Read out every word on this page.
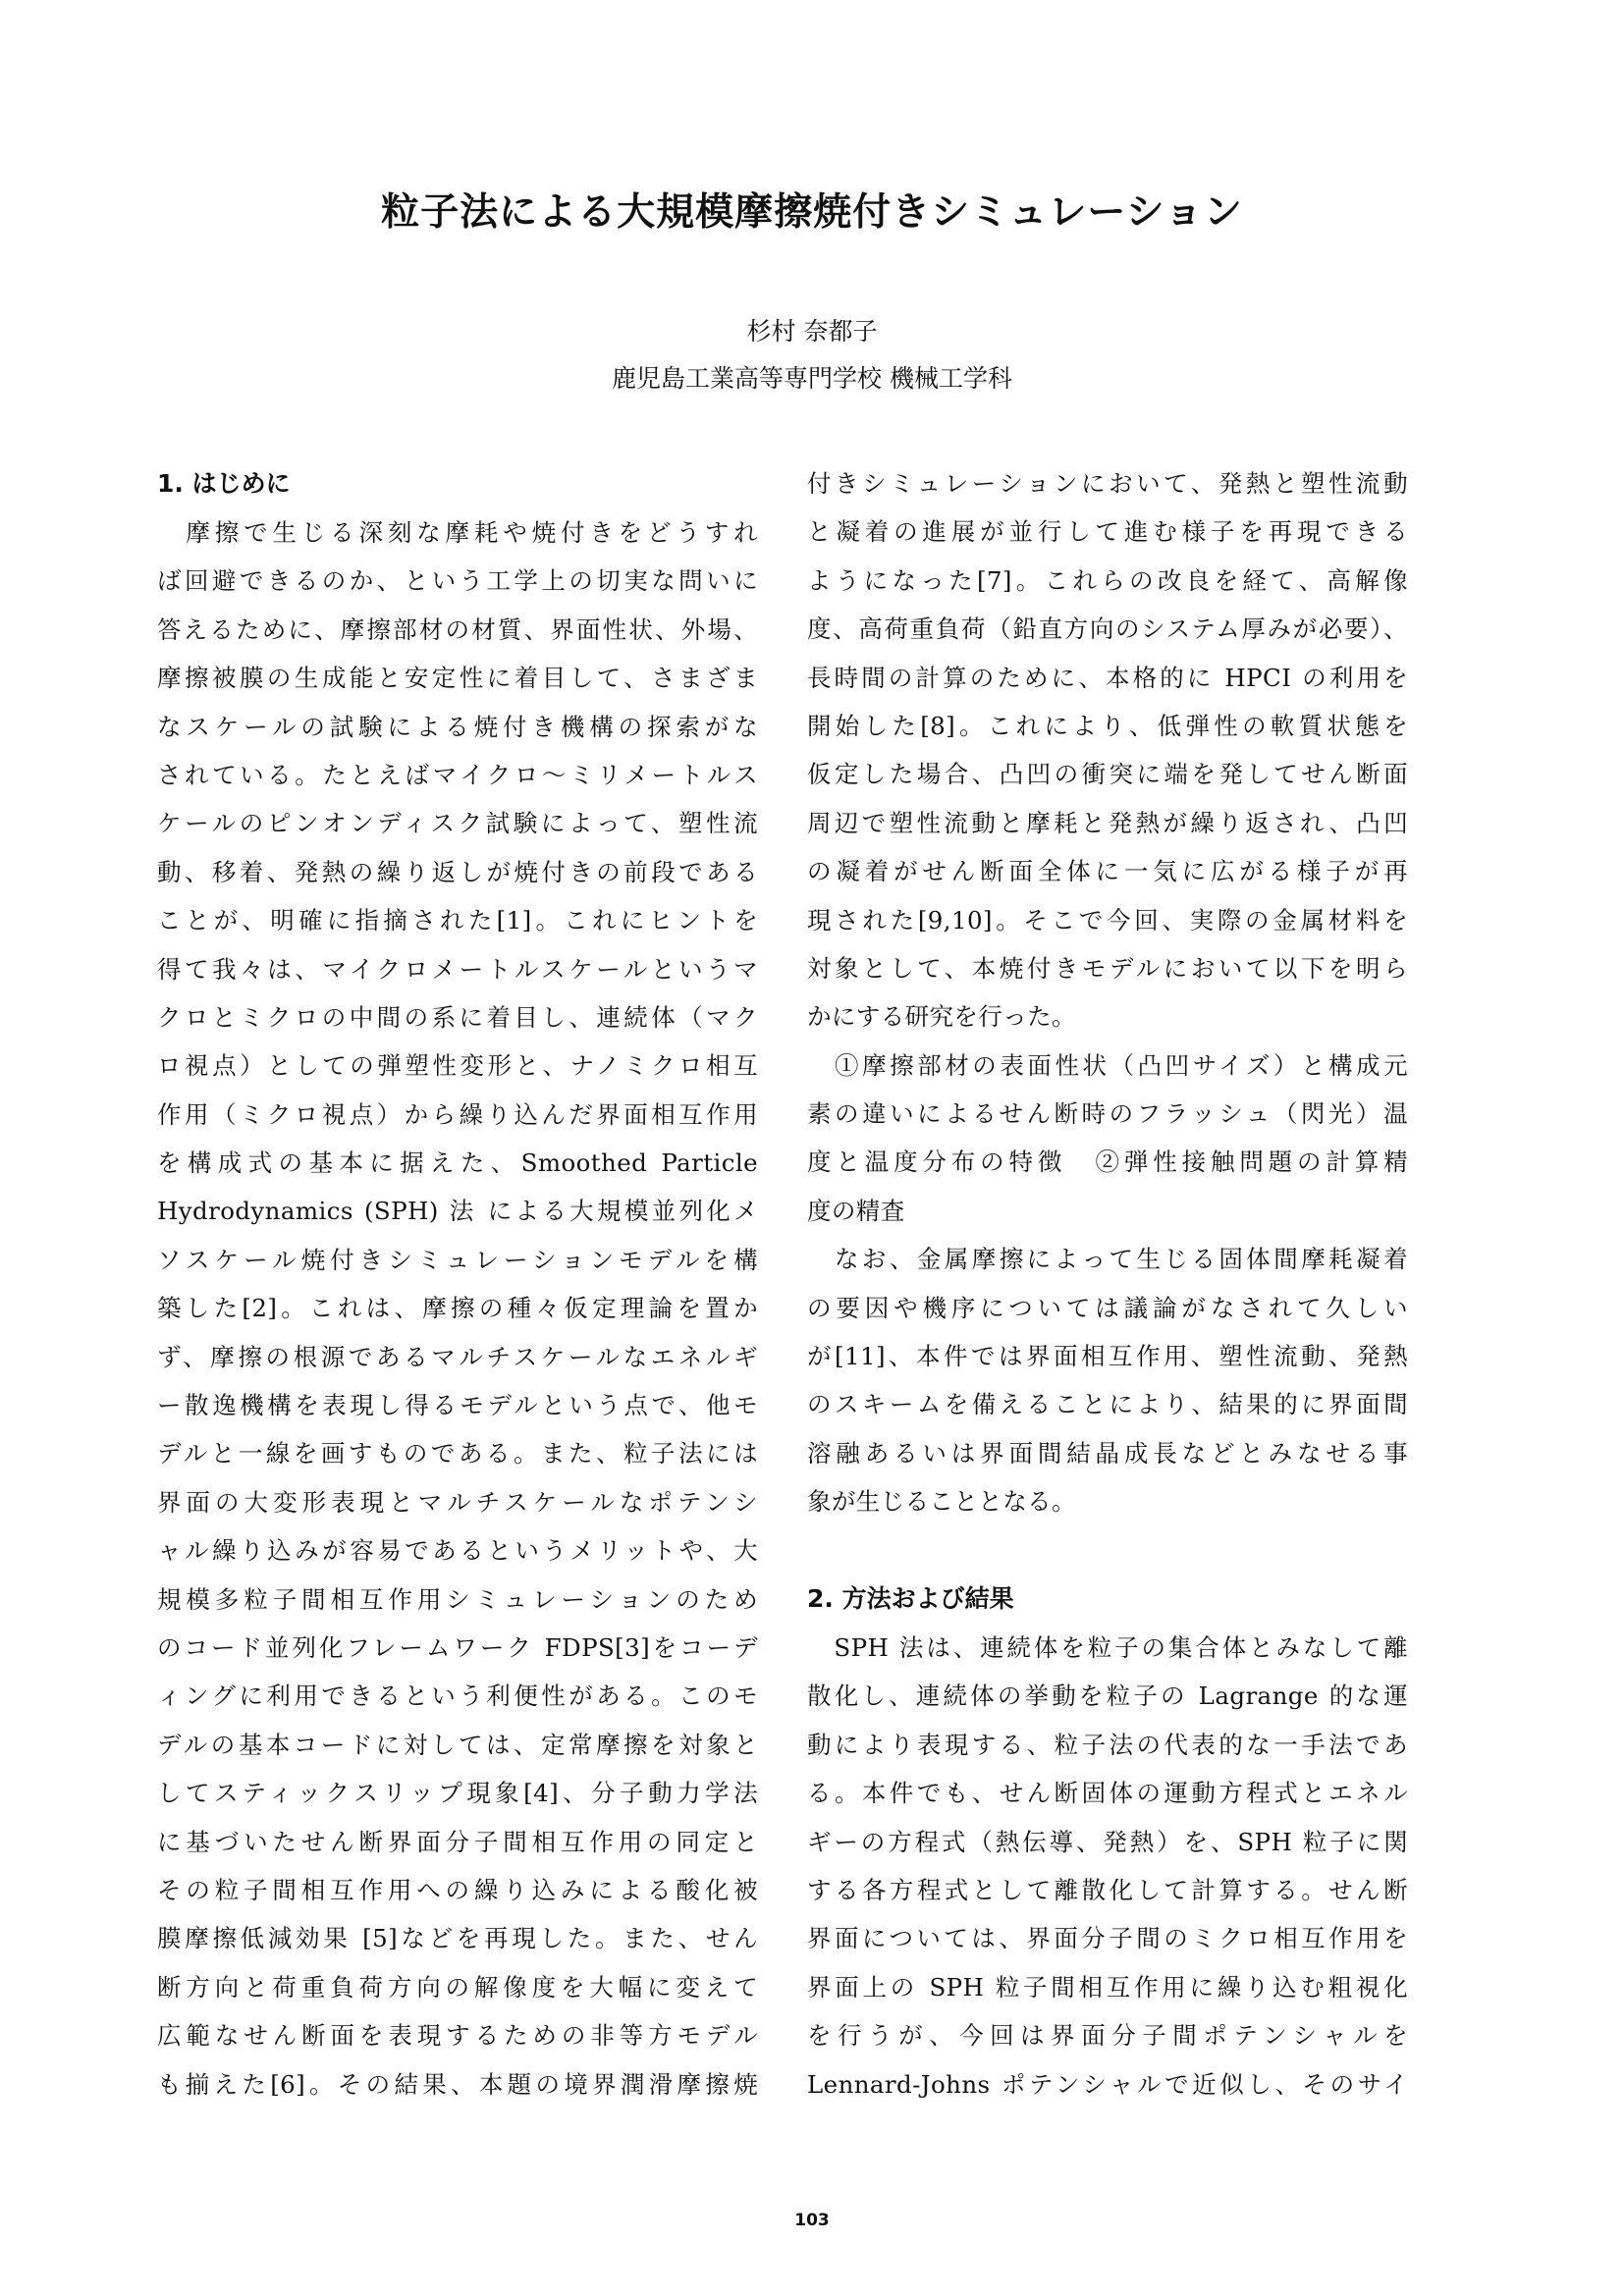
粒子法による大規模摩擦焼付きシミュレーション
杉村 奈都子
鹿児島工業高等専門学校 機械工学科
1. はじめに
　摩擦で生じる深刻な摩耗や焼付きをどうすれ
ば回避できるのか、という工学上の切実な問いに
答えるために、摩擦部材の材質、界面性状、外場、
摩擦被膜の生成能と安定性に着目して、さまざま
なスケールの試験による焼付き機構の探索がな
されている。たとえばマイクロ～ミリメートルス
ケールのピンオンディスク試験によって、塑性流
動、移着、発熱の繰り返しが焼付きの前段である
ことが、明確に指摘された[1]。これにヒントを
得て我々は、マイクロメートルスケールというマ
クロとミクロの中間の系に着目し、連続体（マク
ロ視点）としての弾塑性変形と、ナノミクロ相互
作用（ミクロ視点）から繰り込んだ界面相互作用
を構成式の基本に据えた、Smoothed Particle
Hydrodynamics (SPH) 法 による大規模並列化メ
ソスケール焼付きシミュレーションモデルを構
築した[2]。これは、摩擦の種々仮定理論を置か
ず、摩擦の根源であるマルチスケールなエネルギ
ー散逸機構を表現し得るモデルという点で、他モ
デルと一線を画すものである。また、粒子法には
界面の大変形表現とマルチスケールなポテンシ
ャル繰り込みが容易であるというメリットや、大
規模多粒子間相互作用シミュレーションのため
のコード並列化フレームワーク FDPS[3]をコーデ
ィングに利用できるという利便性がある。このモ
デルの基本コードに対しては、定常摩擦を対象と
してスティックスリップ現象[4]、分子動力学法
に基づいたせん断界面分子間相互作用の同定と
その粒子間相互作用への繰り込みによる酸化被
膜摩擦低減効果 [5]などを再現した。また、せん
断方向と荷重負荷方向の解像度を大幅に変えて
広範なせん断面を表現するための非等方モデル
も揃えた[6]。その結果、本題の境界潤滑摩擦焼
付きシミュレーションにおいて、発熱と塑性流動
と凝着の進展が並行して進む様子を再現できる
ようになった[7]。これらの改良を経て、高解像
度、高荷重負荷（鉛直方向のシステム厚みが必要）、
長時間の計算のために、本格的に HPCI の利用を
開始した[8]。これにより、低弾性の軟質状態を
仮定した場合、凸凹の衝突に端を発してせん断面
周辺で塑性流動と摩耗と発熱が繰り返され、凸凹
の凝着がせん断面全体に一気に広がる様子が再
現された[9,10]。そこで今回、実際の金属材料を
対象として、本焼付きモデルにおいて以下を明ら
かにする研究を行った。
　①摩擦部材の表面性状（凸凹サイズ）と構成元
素の違いによるせん断時のフラッシュ（閃光）温
度と温度分布の特徴　②弾性接触問題の計算精
度の精査
　なお、金属摩擦によって生じる固体間摩耗凝着
の要因や機序については議論がなされて久しい
が[11]、本件では界面相互作用、塑性流動、発熱
のスキームを備えることにより、結果的に界面間
溶融あるいは界面間結晶成長などとみなせる事
象が生じることとなる。
2. 方法および結果
　SPH 法は、連続体を粒子の集合体とみなして離
散化し、連続体の挙動を粒子の Lagrange 的な運
動により表現する、粒子法の代表的な一手法であ
る。本件でも、せん断固体の運動方程式とエネル
ギーの方程式（熱伝導、発熱）を、SPH 粒子に関
する各方程式として離散化して計算する。せん断
界面については、界面分子間のミクロ相互作用を
界面上の SPH 粒子間相互作用に繰り込む粗視化
を行うが、今回は界面分子間ポテンシャルを
Lennard-Johns ポテンシャルで近似し、そのサイ
103
